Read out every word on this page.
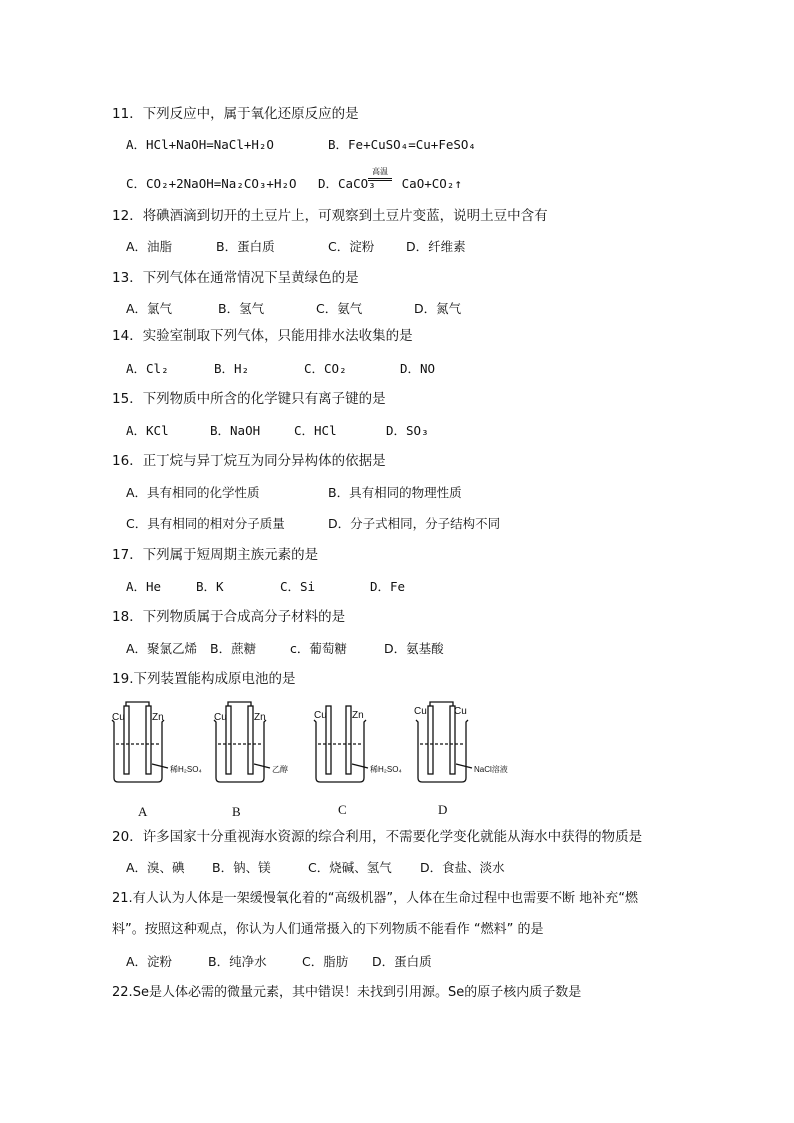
11．下列反应中，属于氧化还原反应的是
A．HCl+NaOH=NaCl+H₂O	B．Fe+CuSO₄=Cu+FeSO₄
C．CO₂+2NaOH=Na₂CO₃+H₂O D．CaCO₃ CaO+CO₂↑
高温
12．将碘酒滴到切开的土豆片上，可观察到土豆片变蓝，说明土豆中含有
A．油脂	B．蛋白质	C．淀粉	D．纤维素
13．下列气体在通常情况下呈黄绿色的是
A．氯气	B．氢气	C．氨气	D．氮气
14．实验室制取下列气体，只能用排水法收集的是
A．Cl₂	B．H₂	C．CO₂	D．NO
15．下列物质中所含的化学键只有离子键的是
A．KCl	B．NaOH	C．HCl	D．SO₃
16．正丁烷与异丁烷互为同分异构体的依据是
A．具有相同的化学性质	B．具有相同的物理性质
C．具有相同的相对分子质量	D．分子式相同，分子结构不同
17．下列属于短周期主族元素的是
A．He	B．K	C．Si	D．Fe
18．下列物质属于合成高分子材料的是
A．聚氯乙烯 B．蔗糖	c．葡萄糖	D．氨基酸
19.下列装置能构成原电池的是
Cu	Zn	Cu	Zn	Cu	Zn	Cu	Cu
稀H₂SO₄	乙醇	稀H₂SO₄	NaCl溶液
A	B	C	D
20．许多国家十分重视海水资源的综合利用，不需要化学变化就能从海水中获得的物质是
A．溴、碘 B．钠、镁	C．烧碱、氢气 D．食盐、淡水
21.有人认为人体是一架缓慢氧化着的“高级机器”，人体在生命过程中也需要不断 地补充“燃
料”。按照这种观点，你认为人们通常摄入的下列物质不能看作 “燃料” 的是
A．淀粉	B．纯净水	C．脂肪 D．蛋白质
22.Se是人体必需的微量元素，其中错误！未找到引用源。Se的原子核内质子数是
